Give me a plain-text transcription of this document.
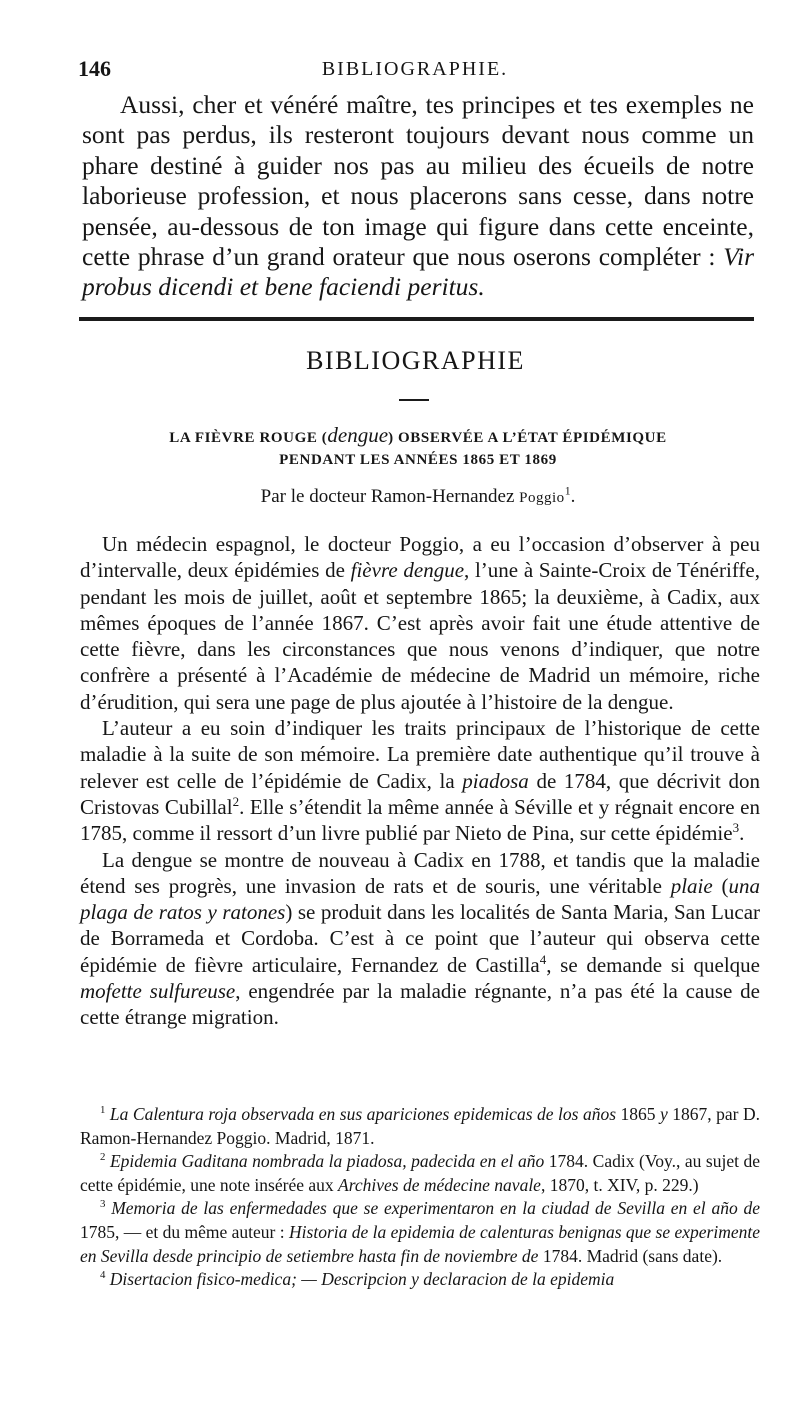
146	BIBLIOGRAPHIE.

Aussi, cher et vénéré maître, tes principes et tes exemples ne sont pas perdus, ils resteront toujours devant nous comme un phare destiné à guider nos pas au milieu des écueils de notre laborieuse profession, et nous placerons sans cesse, dans notre pensée, au-dessous de ton image qui figure dans cette enceinte, cette phrase d’un grand orateur que nous oserons compléter : Vir probus dicendi et bene faciendi peritus.

BIBLIOGRAPHIE
LA FIÈVRE ROUGE (dengue) OBSERVÉE A L’ÉTAT ÉPIDÉMIQUE
PENDANT LES ANNÉES 1865 ET 1869
Par le docteur Ramon-Hernandez Poggio$^1$.

Un médecin espagnol, le docteur Poggio, a eu l’occasion d’observer à peu d’intervalle, deux épidémies de fièvre dengue, l’une à Sainte-Croix de Ténériffe, pendant les mois de juillet, août et septembre 1865; la deuxième, à Cadix, aux mêmes époques de l’année 1867. C’est après avoir fait une étude attentive de cette fièvre, dans les circonstances que nous venons d’indiquer, que notre confrère a présenté à l’Académie de médecine de Madrid un mémoire, riche d’érudition, qui sera une page de plus ajoutée à l’histoire de la dengue.

L’auteur a eu soin d’indiquer les traits principaux de l’historique de cette maladie à la suite de son mémoire. La première date authentique qu’il trouve à relever est celle de l’épidémie de Cadix, la piadosa de 1784, que décrivit don Cristovas Cubillal$^2$. Elle s’étendit la même année à Séville et y régnait encore en 1785, comme il ressort d’un livre publié par Nieto de Pina, sur cette épidémie$^3$.

La dengue se montre de nouveau à Cadix en 1788, et tandis que la maladie étend ses progrès, une invasion de rats et de souris, une véritable plaie (una plaga de ratos y ratones) se produit dans les localités de Santa Maria, San Lucar de Borrameda et Cordoba. C’est à ce point que l’auteur qui observa cette épidémie de fièvre articulaire, Fernandez de Castilla$^4$, se demande si quelque mofette sulfureuse, engendrée par la maladie régnante, n’a pas été la cause de cette étrange migration.

$^1$ La Calentura roja observada en sus apariciones epidemicas de los años 1865 y 1867, par D. Ramon-Hernandez Poggio. Madrid, 1871.

$^2$ Epidemia Gaditana nombrada la piadosa, padecida en el año 1784. Cadix (Voy., au sujet de cette épidémie, une note insérée aux Archives de médecine navale, 1870, t. XIV, p. 229.)

$^3$ Memoria de las enfermedades que se experimentaron en la ciudad de Sevilla en el año de 1785, — et du même auteur : Historia de la epidemia de calenturas benignas que se experimente en Sevilla desde principio de setiembre hasta fin de noviembre de 1784. Madrid (sans date).

$^4$ Disertacion fisico-medica; — Descripcion y declaracion de la epidemia
